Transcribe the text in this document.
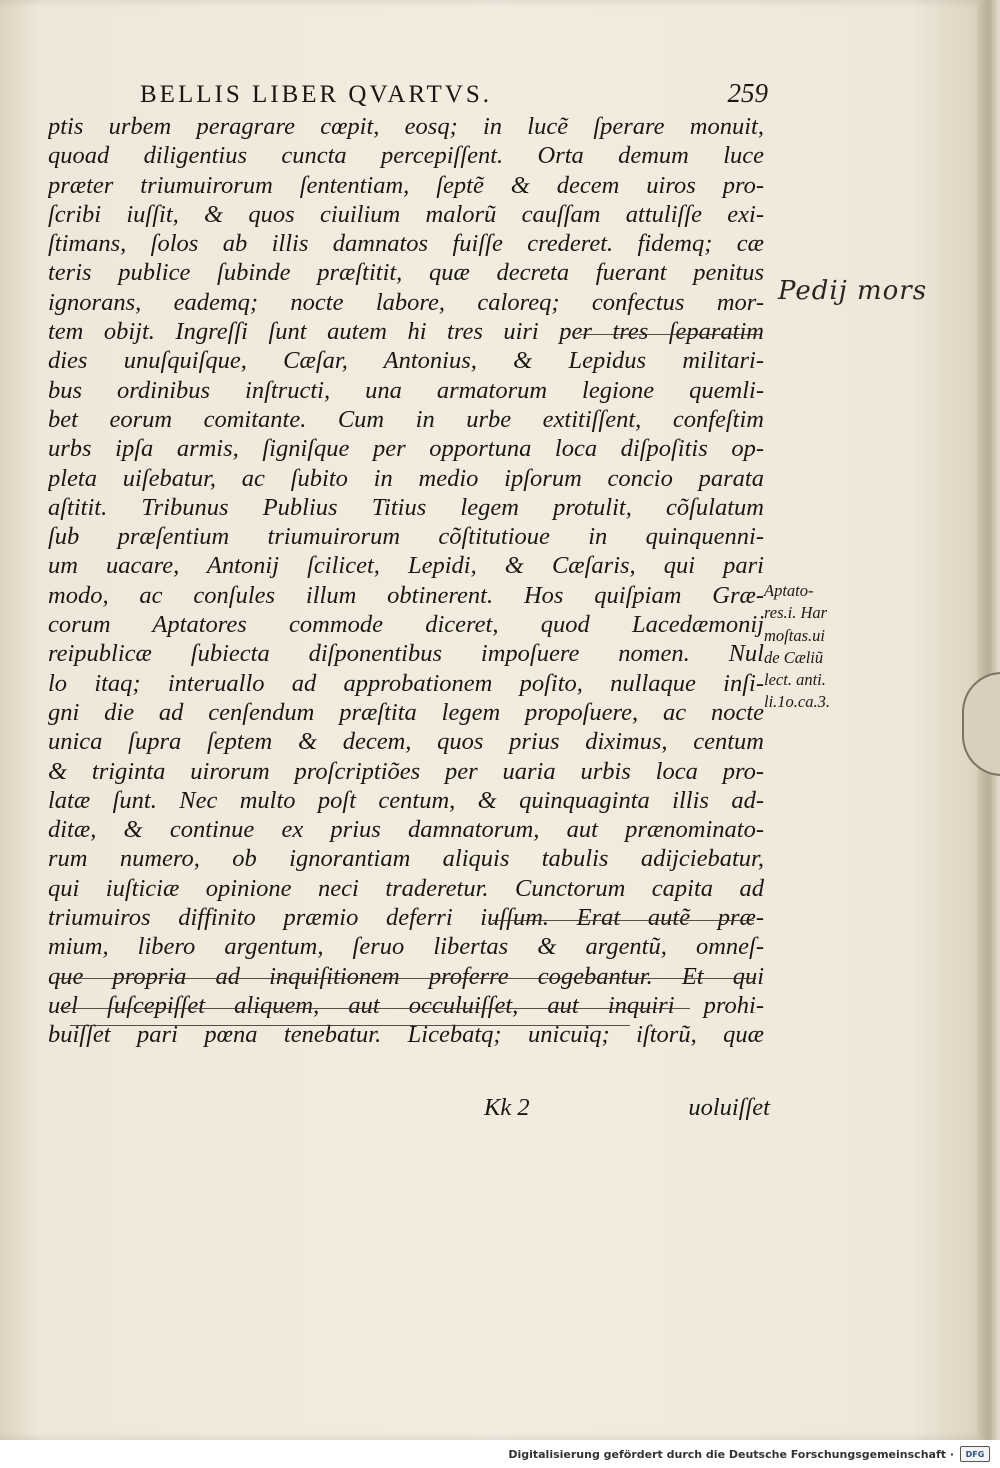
BELLIS LIBER QVARTVS.	259
ptis urbem peragrare cœpit, eosq; in lucẽ ſperare monuit,
quoad diligentius cuncta percepiſſent. Orta demum luce
præter triumuirorum ſententiam, ſeptẽ & decem uiros pro-
ſcribi iuſſit, & quos ciuilium malorũ cauſſam attuliſſe exi-
ſtimans, ſolos ab illis damnatos fuiſſe crederet. fidemq; cæ
teris publice ſubinde præſtitit, quæ decreta fuerant penitus
ignorans, eademq; nocte labore, caloreq; confectus mor-
tem obijt. Ingreſſi ſunt autem hi tres uiri per tres ſeparatim
dies unuſquiſque, Cæſar, Antonius, & Lepidus militari-
bus ordinibus inſtructi, una armatorum legione quemli-
bet eorum comitante. Cum in urbe extitiſſent, confeſtim
urbs ipſa armis, ſigniſque per opportuna loca diſpoſitis op-
pleta uiſebatur, ac ſubito in medio ipſorum concio parata
aſtitit. Tribunus Publius Titius legem protulit, cõſulatum
ſub præſentium triumuirorum cõſtitutioue in quinquenni-
um uacare, Antonij ſcilicet, Lepidi, & Cæſaris, qui pari
modo, ac conſules illum obtinerent. Hos quiſpiam Græ-
corum Aptatores commode diceret, quod Lacedæmonij
reipublicæ ſubiecta diſponentibus impoſuere nomen. Nul
lo itaq; interuallo ad approbationem poſito, nullaque inſi-
gni die ad cenſendum præſtita legem propoſuere, ac nocte
unica ſupra ſeptem & decem, quos prius diximus, centum
& triginta uirorum proſcriptiões per uaria urbis loca pro-
latæ ſunt. Nec multo poſt centum, & quinquaginta illis ad-
ditæ, & continue ex prius damnatorum, aut prænominato-
rum numero, ob ignorantiam aliquis tabulis adijciebatur,
qui iuſticiæ opinione neci traderetur. Cunctorum capita ad
triumuiros diffinito præmio deferri iuſſum. Erat autẽ præ-
mium, libero argentum, ſeruo libertas & argentũ, omneſ-
que propria ad inquiſitionem proferre cogebantur. Et qui
uel ſuſcepiſſet aliquem, aut occuluiſſet, aut inquiri prohi-
buiſſet pari pœna tenebatur. Licebatq; unicuiq; iſtorũ, quæ
Pedij mors
Aptato-
res.i. Har
moſtas.ui
de Cæliũ
lect. anti.
li.1o.ca.3.
Kk 2	uoluiſſet
Digitalisierung gefördert durch die Deutsche Forschungsgemeinschaft ·	DFG
